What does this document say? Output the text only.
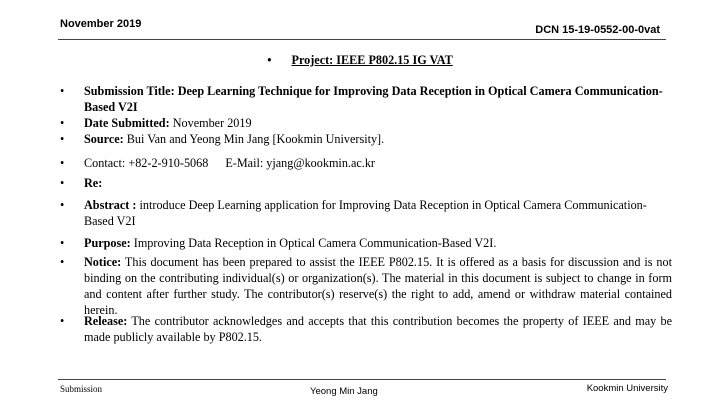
November 2019	DCN 15-19-0552-00-0vat
• Project: IEEE P802.15 IG VAT
• Submission Title: Deep Learning Technique for Improving Data Reception in Optical Camera Communication-Based V2I
• Date Submitted: November 2019
• Source: Bui Van and Yeong Min Jang [Kookmin University].
• Contact: +82-2-910-5068 E-Mail: yjang@kookmin.ac.kr
• Re:
• Abstract : introduce Deep Learning application for Improving Data Reception in Optical Camera Communication-Based V2I
• Purpose: Improving Data Reception in Optical Camera Communication-Based V2I.
• Notice: This document has been prepared to assist the IEEE P802.15. It is offered as a basis for discussion and is not binding on the contributing individual(s) or organization(s). The material in this document is subject to change in form and content after further study. The contributor(s) reserve(s) the right to add, amend or withdraw material contained herein.
• Release: The contributor acknowledges and accepts that this contribution becomes the property of IEEE and may be made publicly available by P802.15.
Submission	Yeong Min Jang	Kookmin University
